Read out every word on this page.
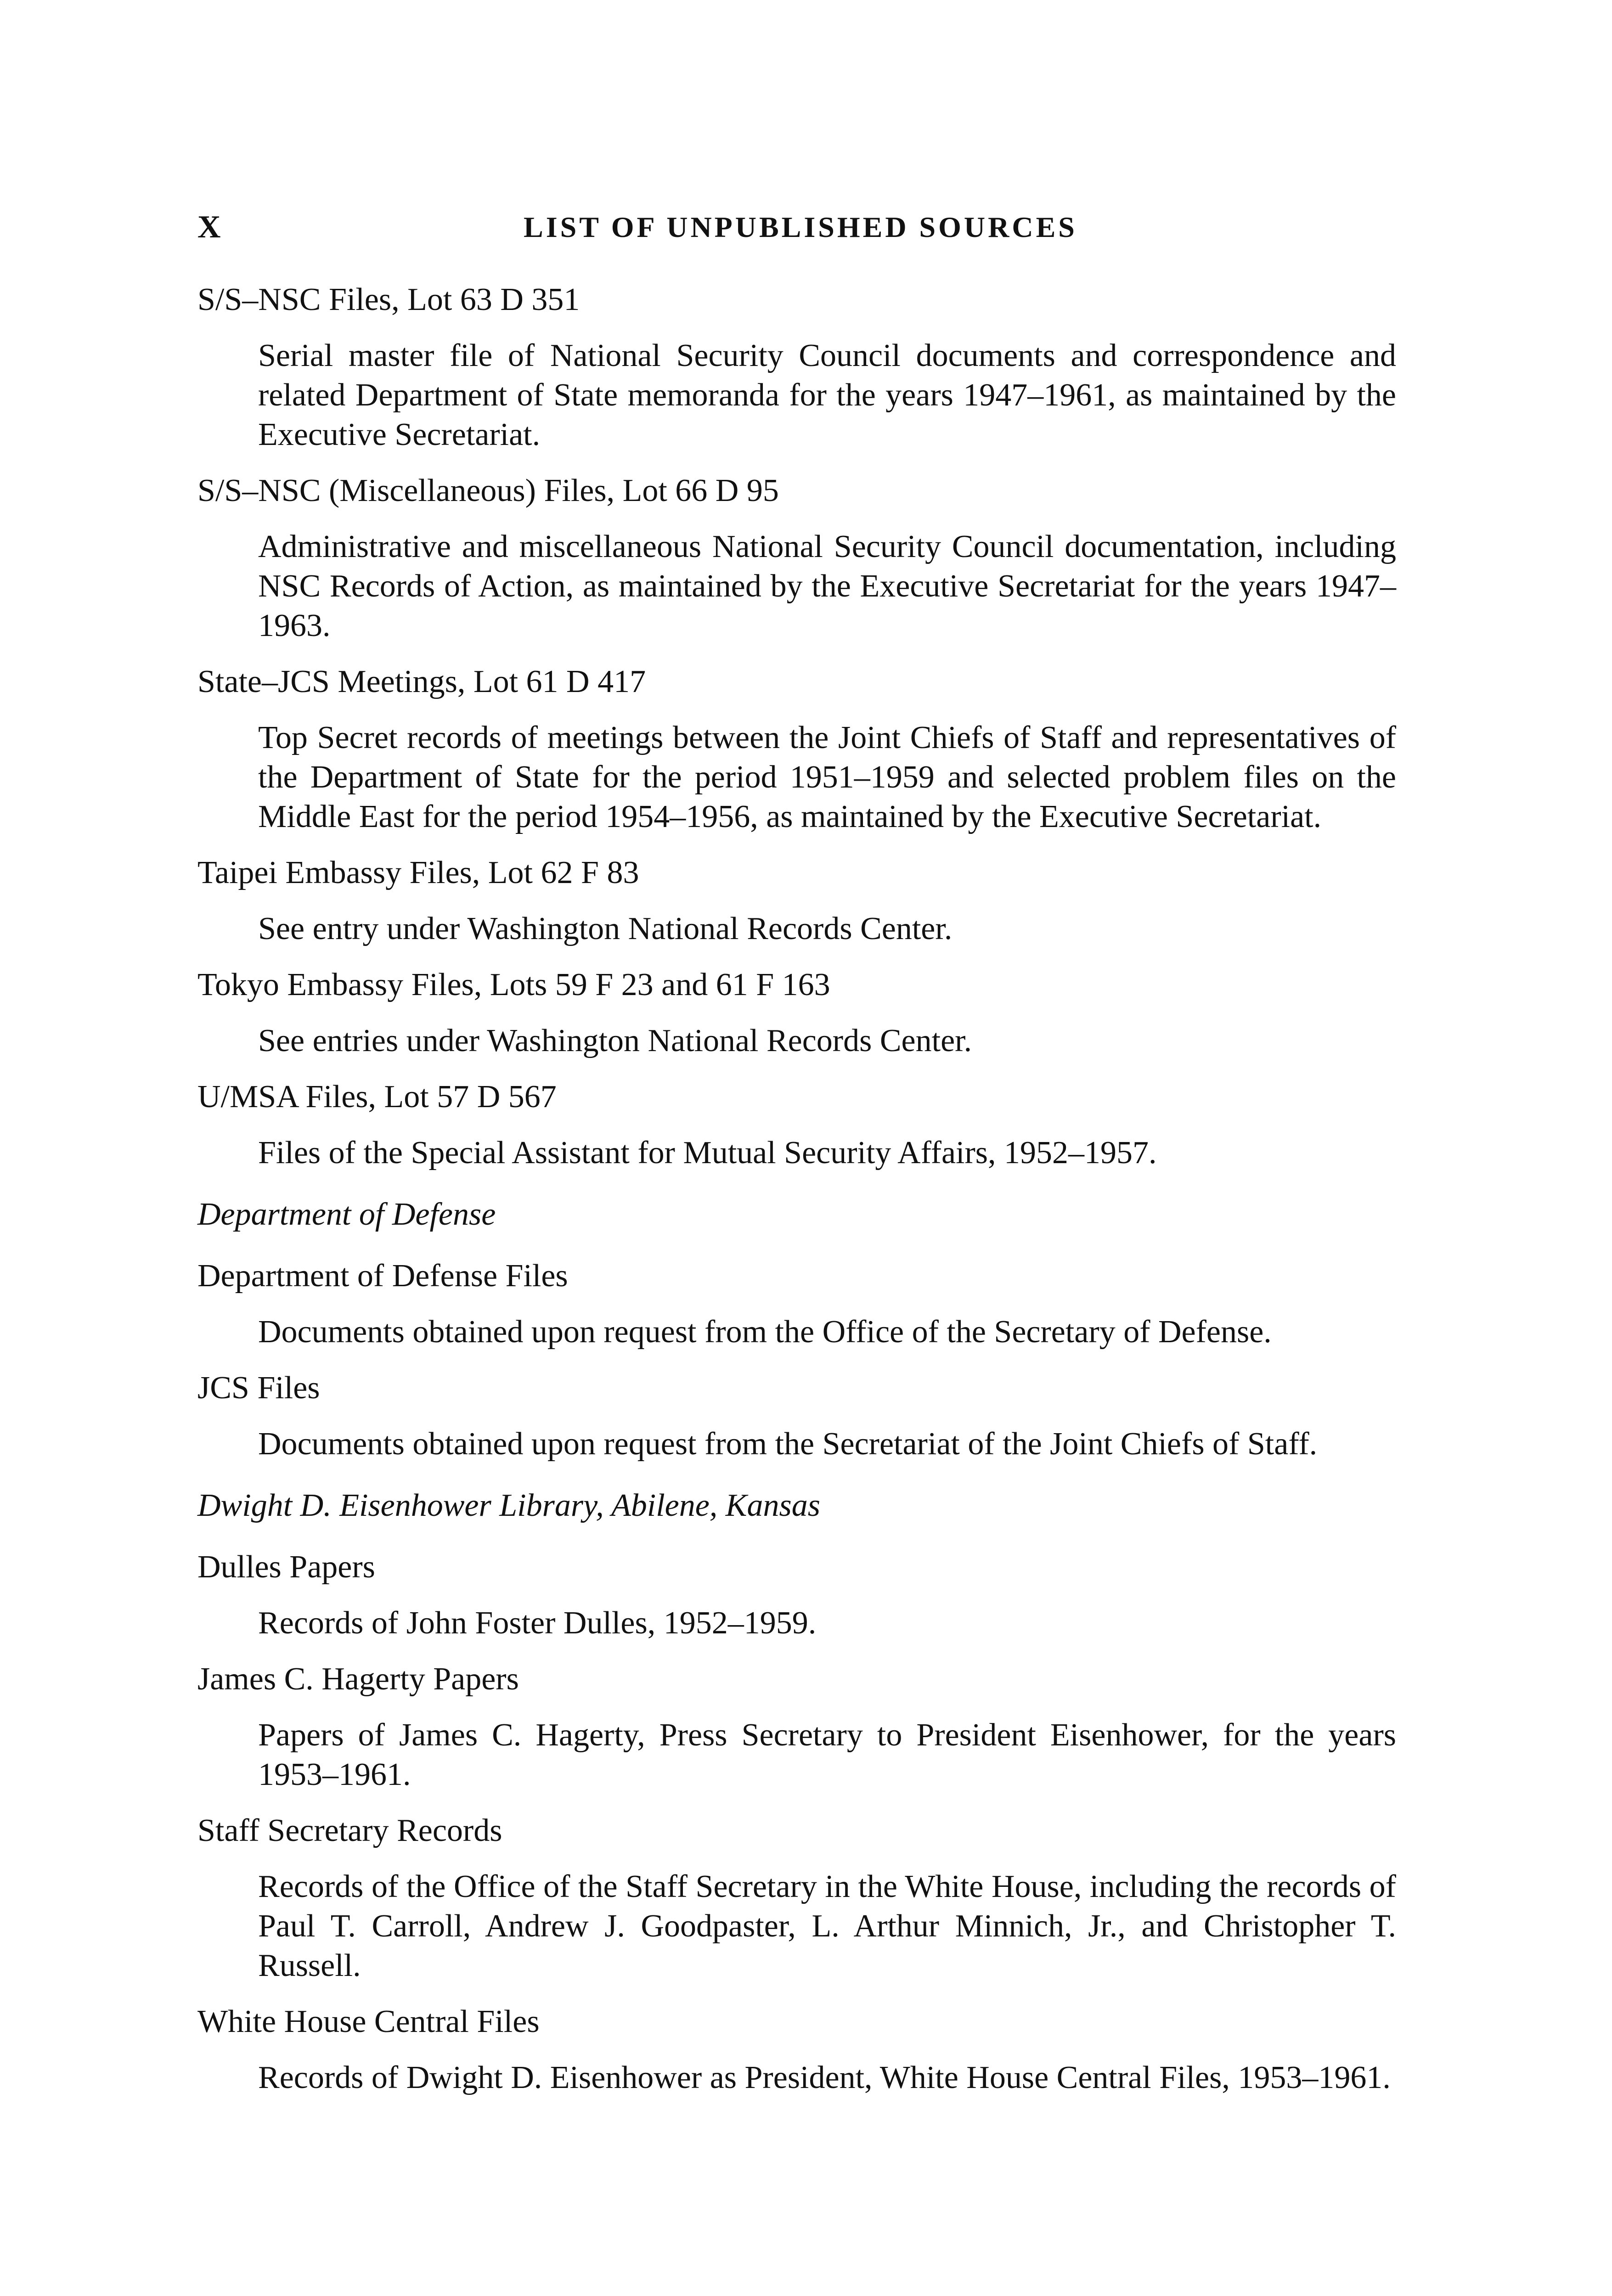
X	LIST OF UNPUBLISHED SOURCES
S/S–NSC Files, Lot 63 D 351
Serial master file of National Security Council documents and correspondence and related Department of State memoranda for the years 1947–1961, as maintained by the Executive Secretariat.
S/S–NSC (Miscellaneous) Files, Lot 66 D 95
Administrative and miscellaneous National Security Council documentation, including NSC Records of Action, as maintained by the Executive Secretariat for the years 1947–1963.
State–JCS Meetings, Lot 61 D 417
Top Secret records of meetings between the Joint Chiefs of Staff and representatives of the Department of State for the period 1951–1959 and selected problem files on the Middle East for the period 1954–1956, as maintained by the Executive Secretariat.
Taipei Embassy Files, Lot 62 F 83
See entry under Washington National Records Center.
Tokyo Embassy Files, Lots 59 F 23 and 61 F 163
See entries under Washington National Records Center.
U/MSA Files, Lot 57 D 567
Files of the Special Assistant for Mutual Security Affairs, 1952–1957.
Department of Defense
Department of Defense Files
Documents obtained upon request from the Office of the Secretary of Defense.
JCS Files
Documents obtained upon request from the Secretariat of the Joint Chiefs of Staff.
Dwight D. Eisenhower Library, Abilene, Kansas
Dulles Papers
Records of John Foster Dulles, 1952–1959.
James C. Hagerty Papers
Papers of James C. Hagerty, Press Secretary to President Eisenhower, for the years 1953–1961.
Staff Secretary Records
Records of the Office of the Staff Secretary in the White House, including the records of Paul T. Carroll, Andrew J. Goodpaster, L. Arthur Minnich, Jr., and Christopher T. Russell.
White House Central Files
Records of Dwight D. Eisenhower as President, White House Central Files, 1953–1961.
